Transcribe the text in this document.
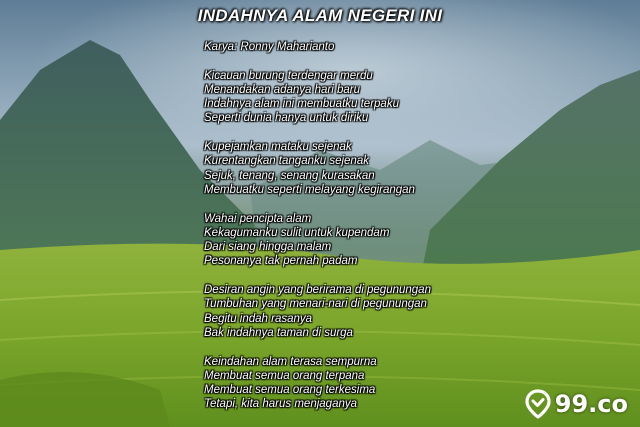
INDAHNYA ALAM NEGERI INI
Karya: Ronny Maharianto
Kicauan burung terdengar merdu
Menandakan adanya hari baru
Indahnya alam ini membuatku terpaku
Seperti dunia hanya untuk diriku
Kupejamkan mataku sejenak
Kurentangkan tanganku sejenak
Sejuk, tenang, senang kurasakan
Membuatku seperti melayang kegirangan
Wahai pencipta alam
Kekagumanku sulit untuk kupendam
Dari siang hingga malam
Pesonanya tak pernah padam
Desiran angin yang berirama di pegunungan
Tumbuhan yang menari-nari di pegunungan
Begitu indah rasanya
Bak indahnya taman di surga
Keindahan alam terasa sempurna
Membuat semua orang terpana
Membuat semua orang terkesima
Tetapi, kita harus menjaganya	99.co
